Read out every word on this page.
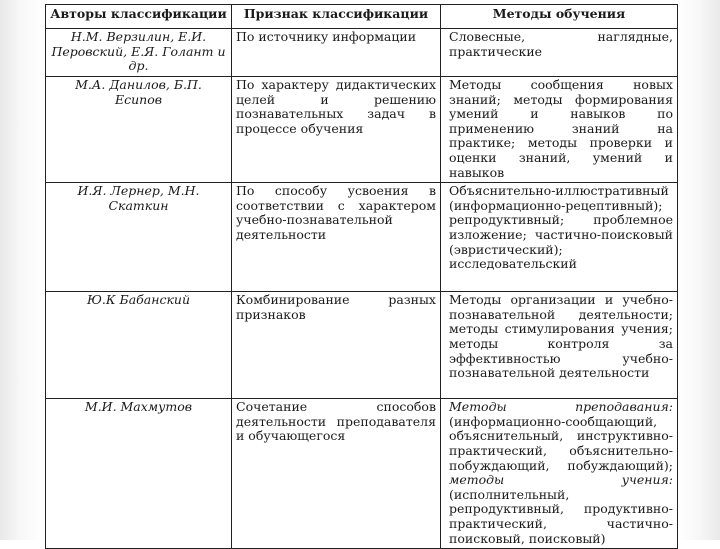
Авторы классификации	Признак классификации	Методы обучения
Н.М. Верзилин, Е.И. Перовский, Е.Я. Голант и др.	По источнику информации	Словесные, наглядные, практические
М.А. Данилов, Б.П. Есипов	По характеру дидактических целей и решению познавательных задач в процессе обучения	Методы сообщения новых знаний; методы формирования умений и навыков по применению знаний на практике; методы проверки и оценки знаний, умений и навыков
И.Я. Лернер, М.Н. Скаткин	По способу усвоения в соответствии с характером учебно-познавательной деятельности	Объяснительно-иллюстративный (информационно-рецептивный); репродуктивный; проблемное изложение; частично-поисковый (эвристический); исследовательский
Ю.К Бабанский	Комбинирование разных признаков	Методы организации и учебно-познавательной деятельности; методы стимулирования учения; методы контроля за эффективностью учебно-познавательной деятельности
М.И. Махмутов	Сочетание способов деятельности преподавателя и обучающегося	Методы преподавания: (информационно-сообщающий, объяснительный, инструктивно-практический, объяснительно-побуждающий, побуждающий); методы учения: (исполнительный, репродуктивный, продуктивно-практический, частично-поисковый, поисковый)
